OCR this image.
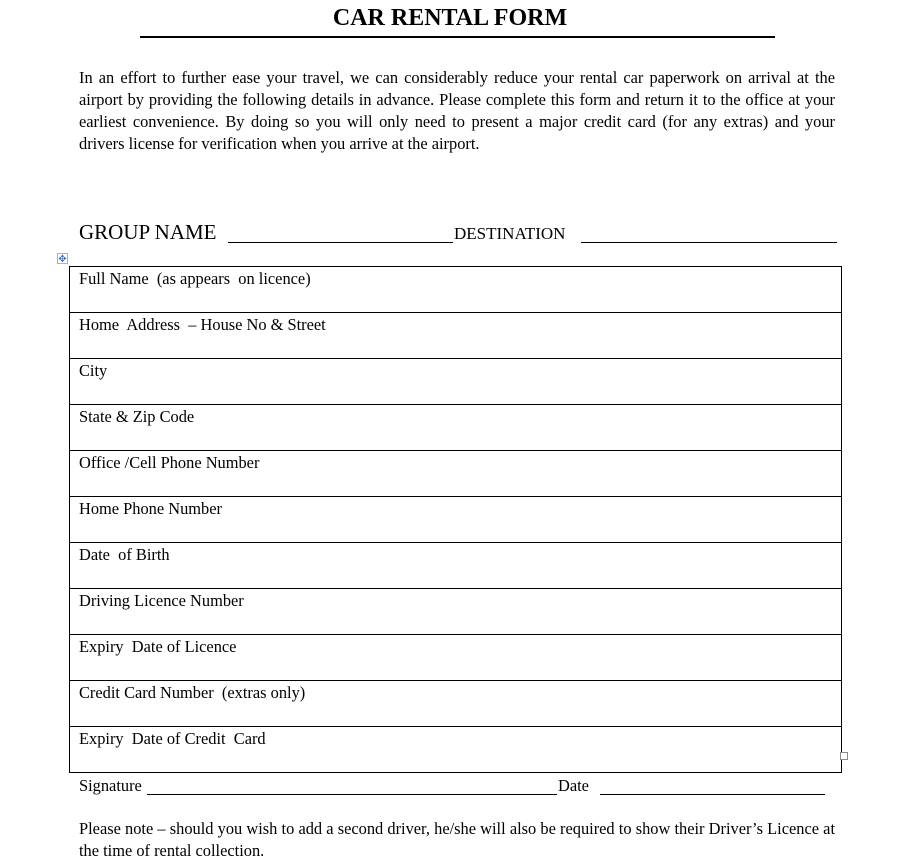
CAR RENTAL FORM
In an effort to further ease your travel, we can considerably reduce your rental car paperwork on arrival at the airport by providing the following details in advance. Please complete this form and return it to the office at your earliest convenience. By doing so you will only need to present a major credit card (for any extras) and your drivers license for verification when you arrive at the airport.
GROUP NAME	DESTINATION
✥
Full Name  (as appears  on licence)
Home  Address  – House No & Street
City
State & Zip Code
Office /Cell Phone Number
Home Phone Number
Date  of Birth
Driving Licence Number
Expiry  Date of Licence
Credit Card Number  (extras only)
Expiry  Date of Credit  Card
Signature	Date
Please note – should you wish to add a second driver, he/she will also be required to show their Driver’s Licence at the time of rental collection.
